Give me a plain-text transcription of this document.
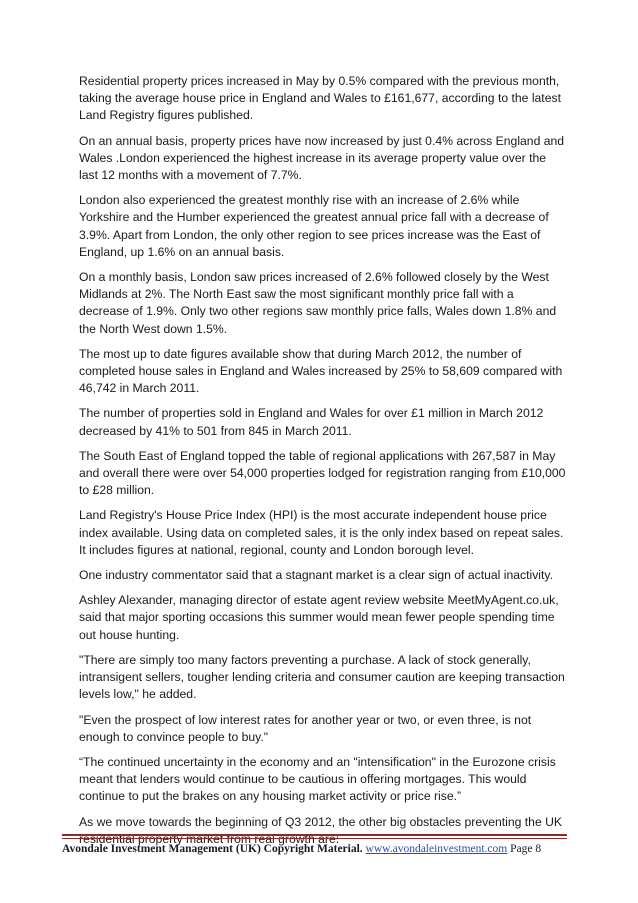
Residential property prices increased in May by 0.5% compared with the previous month, taking the average house price in England and Wales to £161,677, according to the latest Land Registry figures published.

On an annual basis, property prices have now increased by just 0.4% across England and Wales .London experienced the highest increase in its average property value over the last 12 months with a movement of 7.7%.

London also experienced the greatest monthly rise with an increase of 2.6% while Yorkshire and the Humber experienced the greatest annual price fall with a decrease of 3.9%. Apart from London, the only other region to see prices increase was the East of England, up 1.6% on an annual basis.

On a monthly basis, London saw prices increased of 2.6% followed closely by the West Midlands at 2%. The North East saw the most significant monthly price fall with a decrease of 1.9%. Only two other regions saw monthly price falls, Wales down 1.8% and the North West down 1.5%.

The most up to date figures available show that during March 2012, the number of completed house sales in England and Wales increased by 25% to 58,609 compared with 46,742 in March 2011.

The number of properties sold in England and Wales for over £1 million in March 2012 decreased by 41% to 501 from 845 in March 2011.

The South East of England topped the table of regional applications with 267,587 in May and overall there were over 54,000 properties lodged for registration ranging from £10,000 to £28 million.

Land Registry's House Price Index (HPI) is the most accurate independent house price index available. Using data on completed sales, it is the only index based on repeat sales. It includes figures at national, regional, county and London borough level.

One industry commentator said that a stagnant market is a clear sign of actual inactivity.

Ashley Alexander, managing director of estate agent review website MeetMyAgent.co.uk, said that major sporting occasions this summer would mean fewer people spending time out house hunting.

"There are simply too many factors preventing a purchase. A lack of stock generally, intransigent sellers, tougher lending criteria and consumer caution are keeping transaction levels low," he added.

"Even the prospect of low interest rates for another year or two, or even three, is not enough to convince people to buy."

“The continued uncertainty in the economy and an "intensification" in the Eurozone crisis meant that lenders would continue to be cautious in offering mortgages. This would continue to put the brakes on any housing market activity or price rise.”

As we move towards the beginning of Q3 2012, the other big obstacles preventing the UK residential property market from real growth are:

Avondale Investment Management (UK) Copyright Material. www.avondaleinvestment.com Page 8
